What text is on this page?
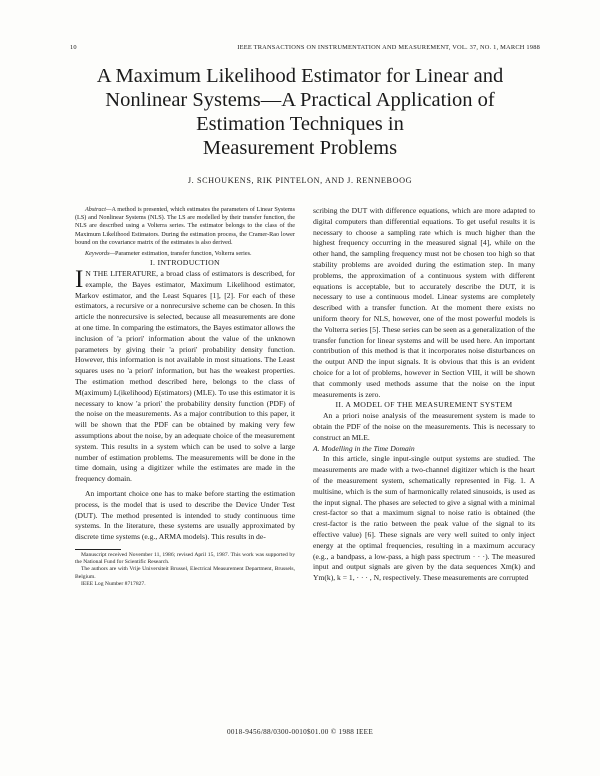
10	IEEE TRANSACTIONS ON INSTRUMENTATION AND MEASUREMENT, VOL. 37, NO. 1, MARCH 1988
A Maximum Likelihood Estimator for Linear and
Nonlinear Systems—A Practical Application of
Estimation Techniques in
Measurement Problems
J. SCHOUKENS, RIK PINTELON, AND J. RENNEBOOG

Abstract—A method is presented, which estimates the parameters of Linear Systems (LS) and Nonlinear Systems (NLS). The LS are modelled by their transfer function, the NLS are described using a Volterra series. The estimator belongs to the class of the Maximum Likelihood Estimators. During the estimation process, the Cramer-Rao lower bound on the covariance matrix of the estimates is also derived.

Keywords—Parameter estimation, transfer function, Volterra series.

I. INTRODUCTION

I N THE LITERATURE, a broad class of estimators is described, for example, the Bayes estimator, Maximum Likelihood estimator, Markov estimator, and the Least Squares [1], [2]. For each of these estimators, a recursive or a nonrecursive scheme can be chosen. In this article the nonrecursive is selected, because all measurements are done at one time. In comparing the estimators, the Bayes estimator allows the inclusion of 'a priori' information about the value of the unknown parameters by giving their 'a priori' probability density function. However, this information is not available in most situations. The Least squares uses no 'a priori' information, but has the weakest properties. The estimation method described here, belongs to the class of M(aximum) L(ikelihood) E(stimators) (MLE). To use this estimator it is necessary to know 'a priori' the probability density function (PDF) of the noise on the measurements. As a major contribution to this paper, it will be shown that the PDF can be obtained by making very few assumptions about the noise, by an adequate choice of the measurement system. This results in a system which can be used to solve a large number of estimation problems. The measurements will be done in the time domain, using a digitizer while the estimates are made in the frequency domain.

An important choice one has to make before starting the estimation process, is the model that is used to describe the Device Under Test (DUT). The method presented is intended to study continuous time systems. In the literature, these systems are usually approximated by discrete time systems (e.g., ARMA models). This results in de-

Manuscript received November 11, 1986; revised April 15, 1987. This work was supported by the National Fund for Scientific Research.

The authors are with Vrije Universiteit Brussel, Electrical Measurement Department, Brussels, Belgium.

IEEE Log Number 8717827.

scribing the DUT with difference equations, which are more adapted to digital computers than differential equations. To get useful results it is necessary to choose a sampling rate which is much higher than the highest frequency occurring in the measured signal [4], while on the other hand, the sampling frequency must not be chosen too high so that stability problems are avoided during the estimation step. In many problems, the approximation of a continuous system with different equations is acceptable, but to accurately describe the DUT, it is necessary to use a continuous model. Linear systems are completely described with a transfer function. At the moment there exists no uniform theory for NLS, however, one of the most powerful models is the Volterra series [5]. These series can be seen as a generalization of the transfer function for linear systems and will be used here. An important contribution of this method is that it incorporates noise disturbances on the output AND the input signals. It is obvious that this is an evident choice for a lot of problems, however in Section VIII, it will be shown that commonly used methods assume that the noise on the input measurements is zero.

II. A MODEL OF THE MEASUREMENT SYSTEM

An a priori noise analysis of the measurement system is made to obtain the PDF of the noise on the measurements. This is necessary to construct an MLE.

A. Modelling in the Time Domain

In this article, single input-single output systems are studied. The measurements are made with a two-channel digitizer which is the heart of the measurement system, schematically represented in Fig. 1. A multisine, which is the sum of harmonically related sinusoids, is used as the input signal. The phases are selected to give a signal with a minimal crest-factor so that a maximum signal to noise ratio is obtained (the crest-factor is the ratio between the peak value of the signal to its effective value) [6]. These signals are very well suited to only inject energy at the optimal frequencies, resulting in a maximum accuracy (e.g., a bandpass, a low-pass, a high pass spectrum · · ·). The measured input and output signals are given by the data sequences Xm(k) and Ym(k), k = 1, · · · , N, respectively. These measurements are corrupted

0018-9456/88/0300-0010$01.00 © 1988 IEEE
